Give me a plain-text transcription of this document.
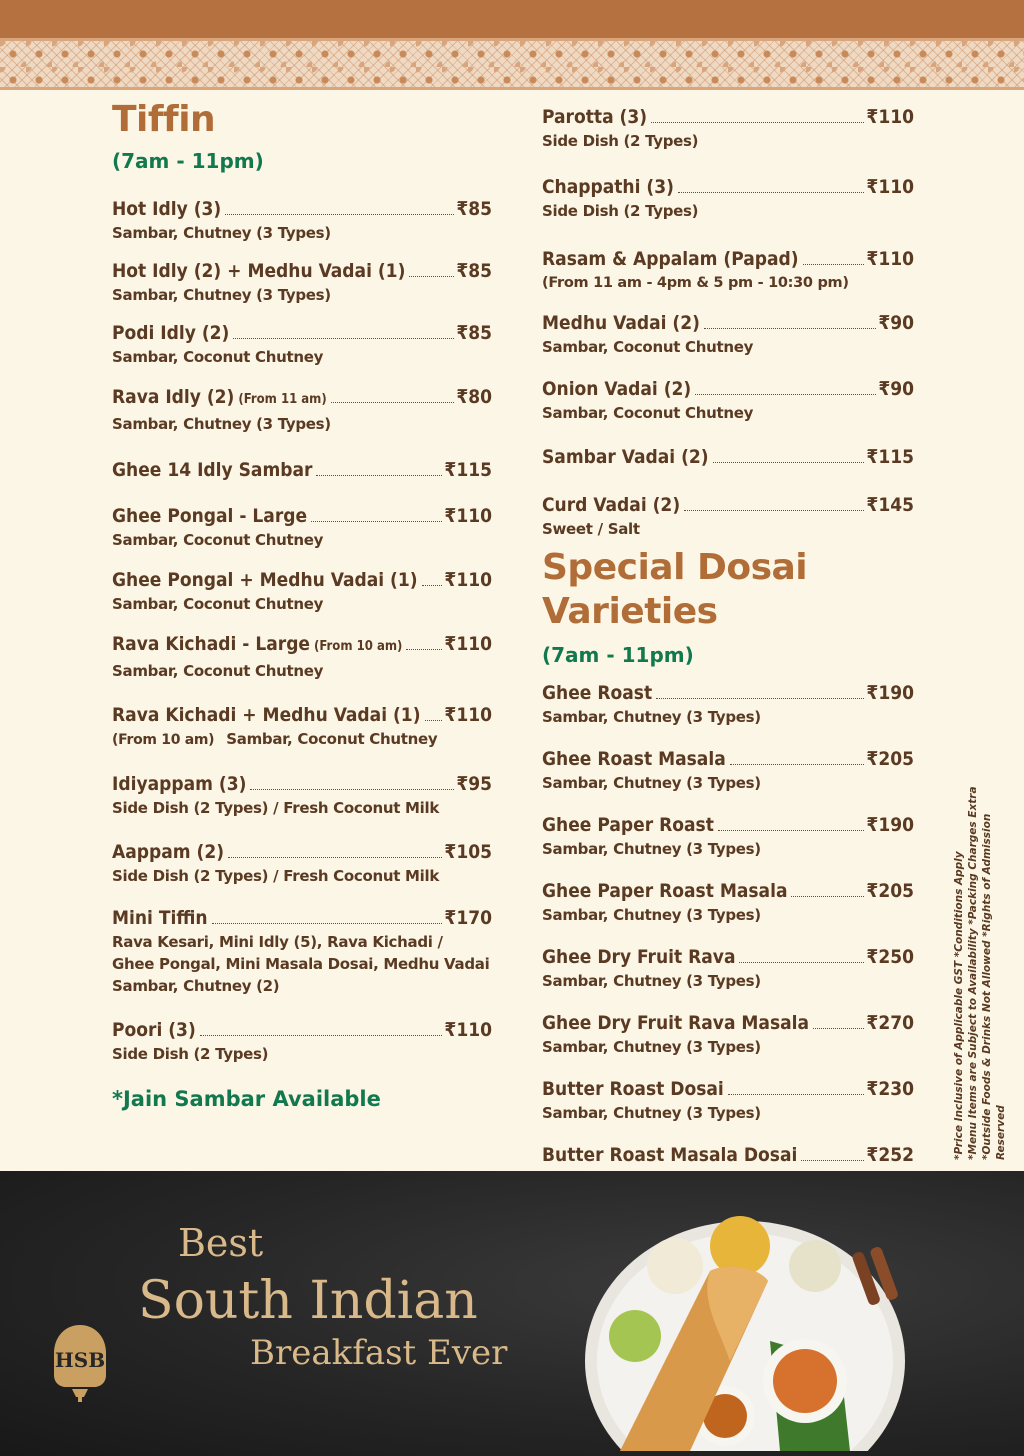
Tiffin
(7am - 11pm)
Hot Idly (3)	₹85
Sambar, Chutney (3 Types)
Hot Idly (2) + Medhu Vadai (1)	₹85
Sambar, Chutney (3 Types)
Podi Idly (2)	₹85
Sambar, Coconut Chutney
Rava Idly (2) (From 11 am)	₹80
Sambar, Chutney (3 Types)
Ghee 14 Idly Sambar	₹115
Ghee Pongal - Large	₹110
Sambar, Coconut Chutney
Ghee Pongal + Medhu Vadai (1) ₹110
Sambar, Coconut Chutney
Rava Kichadi - Large (From 10 am) ₹110
Sambar, Coconut Chutney
Rava Kichadi + Medhu Vadai (1) ₹110
(From 10 am) Sambar, Coconut Chutney
Idiyappam (3)	₹95
Side Dish (2 Types) / Fresh Coconut Milk
Aappam (2)	₹105
Side Dish (2 Types) / Fresh Coconut Milk
Mini Tiffin	₹170
Rava Kesari, Mini Idly (5), Rava Kichadi /
Ghee Pongal, Mini Masala Dosai, Medhu Vadai
Sambar, Chutney (2)
Poori (3)	₹110
Side Dish (2 Types)
*Jain Sambar Available
Parotta (3)	₹110
Side Dish (2 Types)
Chappathi (3)	₹110
Side Dish (2 Types)
Rasam & Appalam (Papad)	₹110
(From 11 am - 4pm & 5 pm - 10:30 pm)
Medhu Vadai (2)	₹90
Sambar, Coconut Chutney
Onion Vadai (2)	₹90
Sambar, Coconut Chutney
Sambar Vadai (2)	₹115
Curd Vadai (2)	₹145
Sweet / Salt
Special Dosai Varieties
(7am - 11pm)
Ghee Roast	₹190
Sambar, Chutney (3 Types)
Ghee Roast Masala	₹205
Sambar, Chutney (3 Types)
Ghee Paper Roast	₹190
Sambar, Chutney (3 Types)
Ghee Paper Roast Masala	₹205
Sambar, Chutney (3 Types)
Ghee Dry Fruit Rava	₹250
Sambar, Chutney (3 Types)
Ghee Dry Fruit Rava Masala	₹270
Sambar, Chutney (3 Types)
Butter Roast Dosai	₹230
Sambar, Chutney (3 Types)
Butter Roast Masala Dosai	₹252	*Price Inclusive of Applicable GST *Conditions Apply *Menu Items are Subject to Availability *Packing Charges Extra *Outside Foods & Drinks Not Allowed *Rights of Admission Reserved
Best
South Indian
Breakfast Ever
HSB
